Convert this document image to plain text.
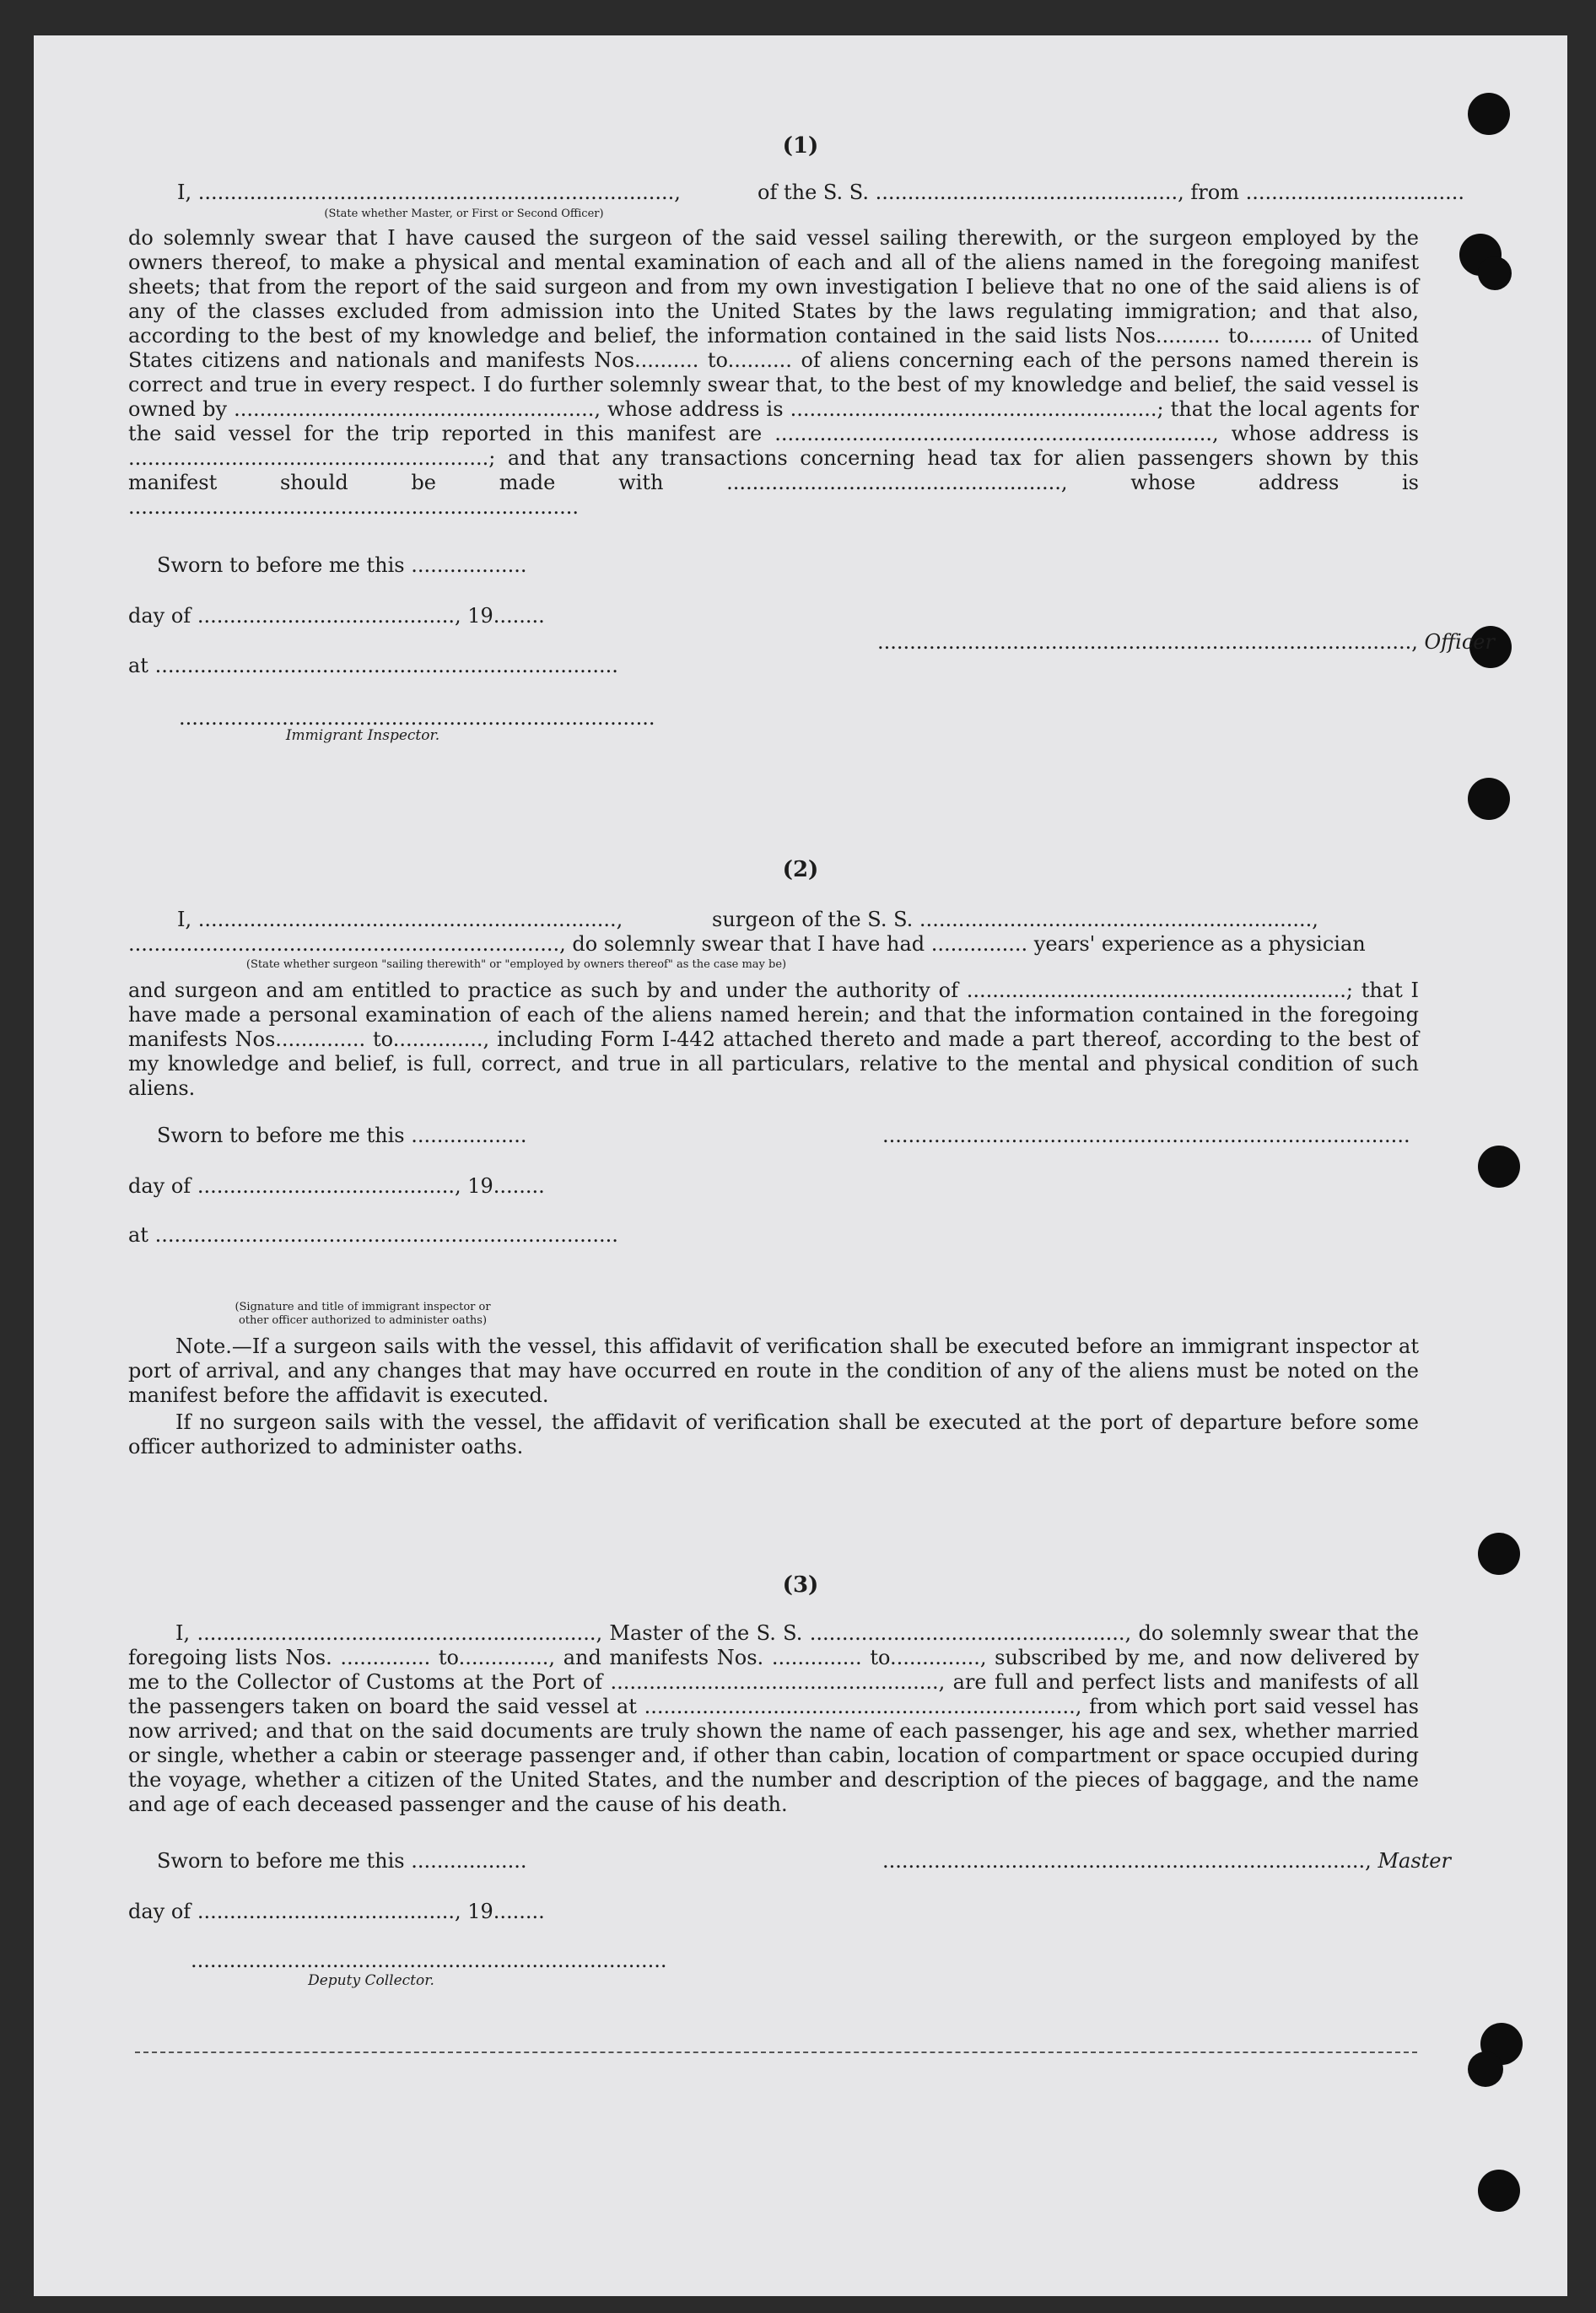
(1)
I, ..........................................................................,	of the S. S. ..............................................., from ..................................
(State whether Master, or First or Second Officer)
do solemnly swear that I have caused the surgeon of the said vessel sailing therewith, or the surgeon employed by the owners thereof, to make a physical and mental examination of each and all of the aliens named in the foregoing manifest sheets; that from the report of the said surgeon and from my own investigation I believe that no one of the said aliens is of any of the classes excluded from admission into the United States by the laws regulating immigration; and that also, according to the best of my knowledge and belief, the information contained in the said lists Nos.......... to.......... of United States citizens and nationals and manifests Nos.......... to.......... of aliens concerning each of the persons named therein is correct and true in every respect. I do further solemnly swear that, to the best of my knowledge and belief, the said vessel is owned by ........................................................, whose address is .........................................................; that the local agents for the said vessel for the trip reported in this manifest are ...................................................................., whose address is ........................................................; and that any transactions concerning head tax for alien passengers shown by this manifest should be made with ...................................................., whose address is ......................................................................
Sworn to before me this ..................
day of ........................................, 19........
..................................................................................., Officer
at ........................................................................
..........................................................................
Immigrant Inspector.
(2)
I, .................................................................,	surgeon of the S. S. .............................................................,
..................................................................., do solemnly swear that I have had ............... years' experience as a physician
(State whether surgeon "sailing therewith" or "employed by owners thereof" as the case may be)
and surgeon and am entitled to practice as such by and under the authority of ...........................................................; that I have made a personal examination of each of the aliens named herein; and that the information contained in the foregoing manifests Nos.............. to.............., including Form I-442 attached thereto and made a part thereof, according to the best of my knowledge and belief, is full, correct, and true in all particulars, relative to the mental and physical condition of such aliens.
Sworn to before me this ..................	..................................................................................
day of ........................................, 19........
at ........................................................................
(Signature and title of immigrant inspector or
other officer authorized to administer oaths)
Note.—If a surgeon sails with the vessel, this affidavit of verification shall be executed before an immigrant inspector at port of arrival, and any changes that may have occurred en route in the condition of any of the aliens must be noted on the manifest before the affidavit is executed.
If no surgeon sails with the vessel, the affidavit of verification shall be executed at the port of departure before some officer authorized to administer oaths.
(3)
I, .............................................................., Master of the S. S. ................................................., do solemnly swear that the foregoing lists Nos. .............. to.............., and manifests Nos. .............. to.............., subscribed by me, and now delivered by me to the Collector of Customs at the Port of ..................................................., are full and perfect lists and manifests of all the passengers taken on board the said vessel at ..................................................................., from which port said vessel has now arrived; and that on the said documents are truly shown the name of each passenger, his age and sex, whether married or single, whether a cabin or steerage passenger and, if other than cabin, location of compartment or space occupied during the voyage, whether a citizen of the United States, and the number and description of the pieces of baggage, and the name and age of each deceased passenger and the cause of his death.
Sworn to before me this ..................	..........................................................................., Master
day of ........................................, 19........
..........................................................................
Deputy Collector.
